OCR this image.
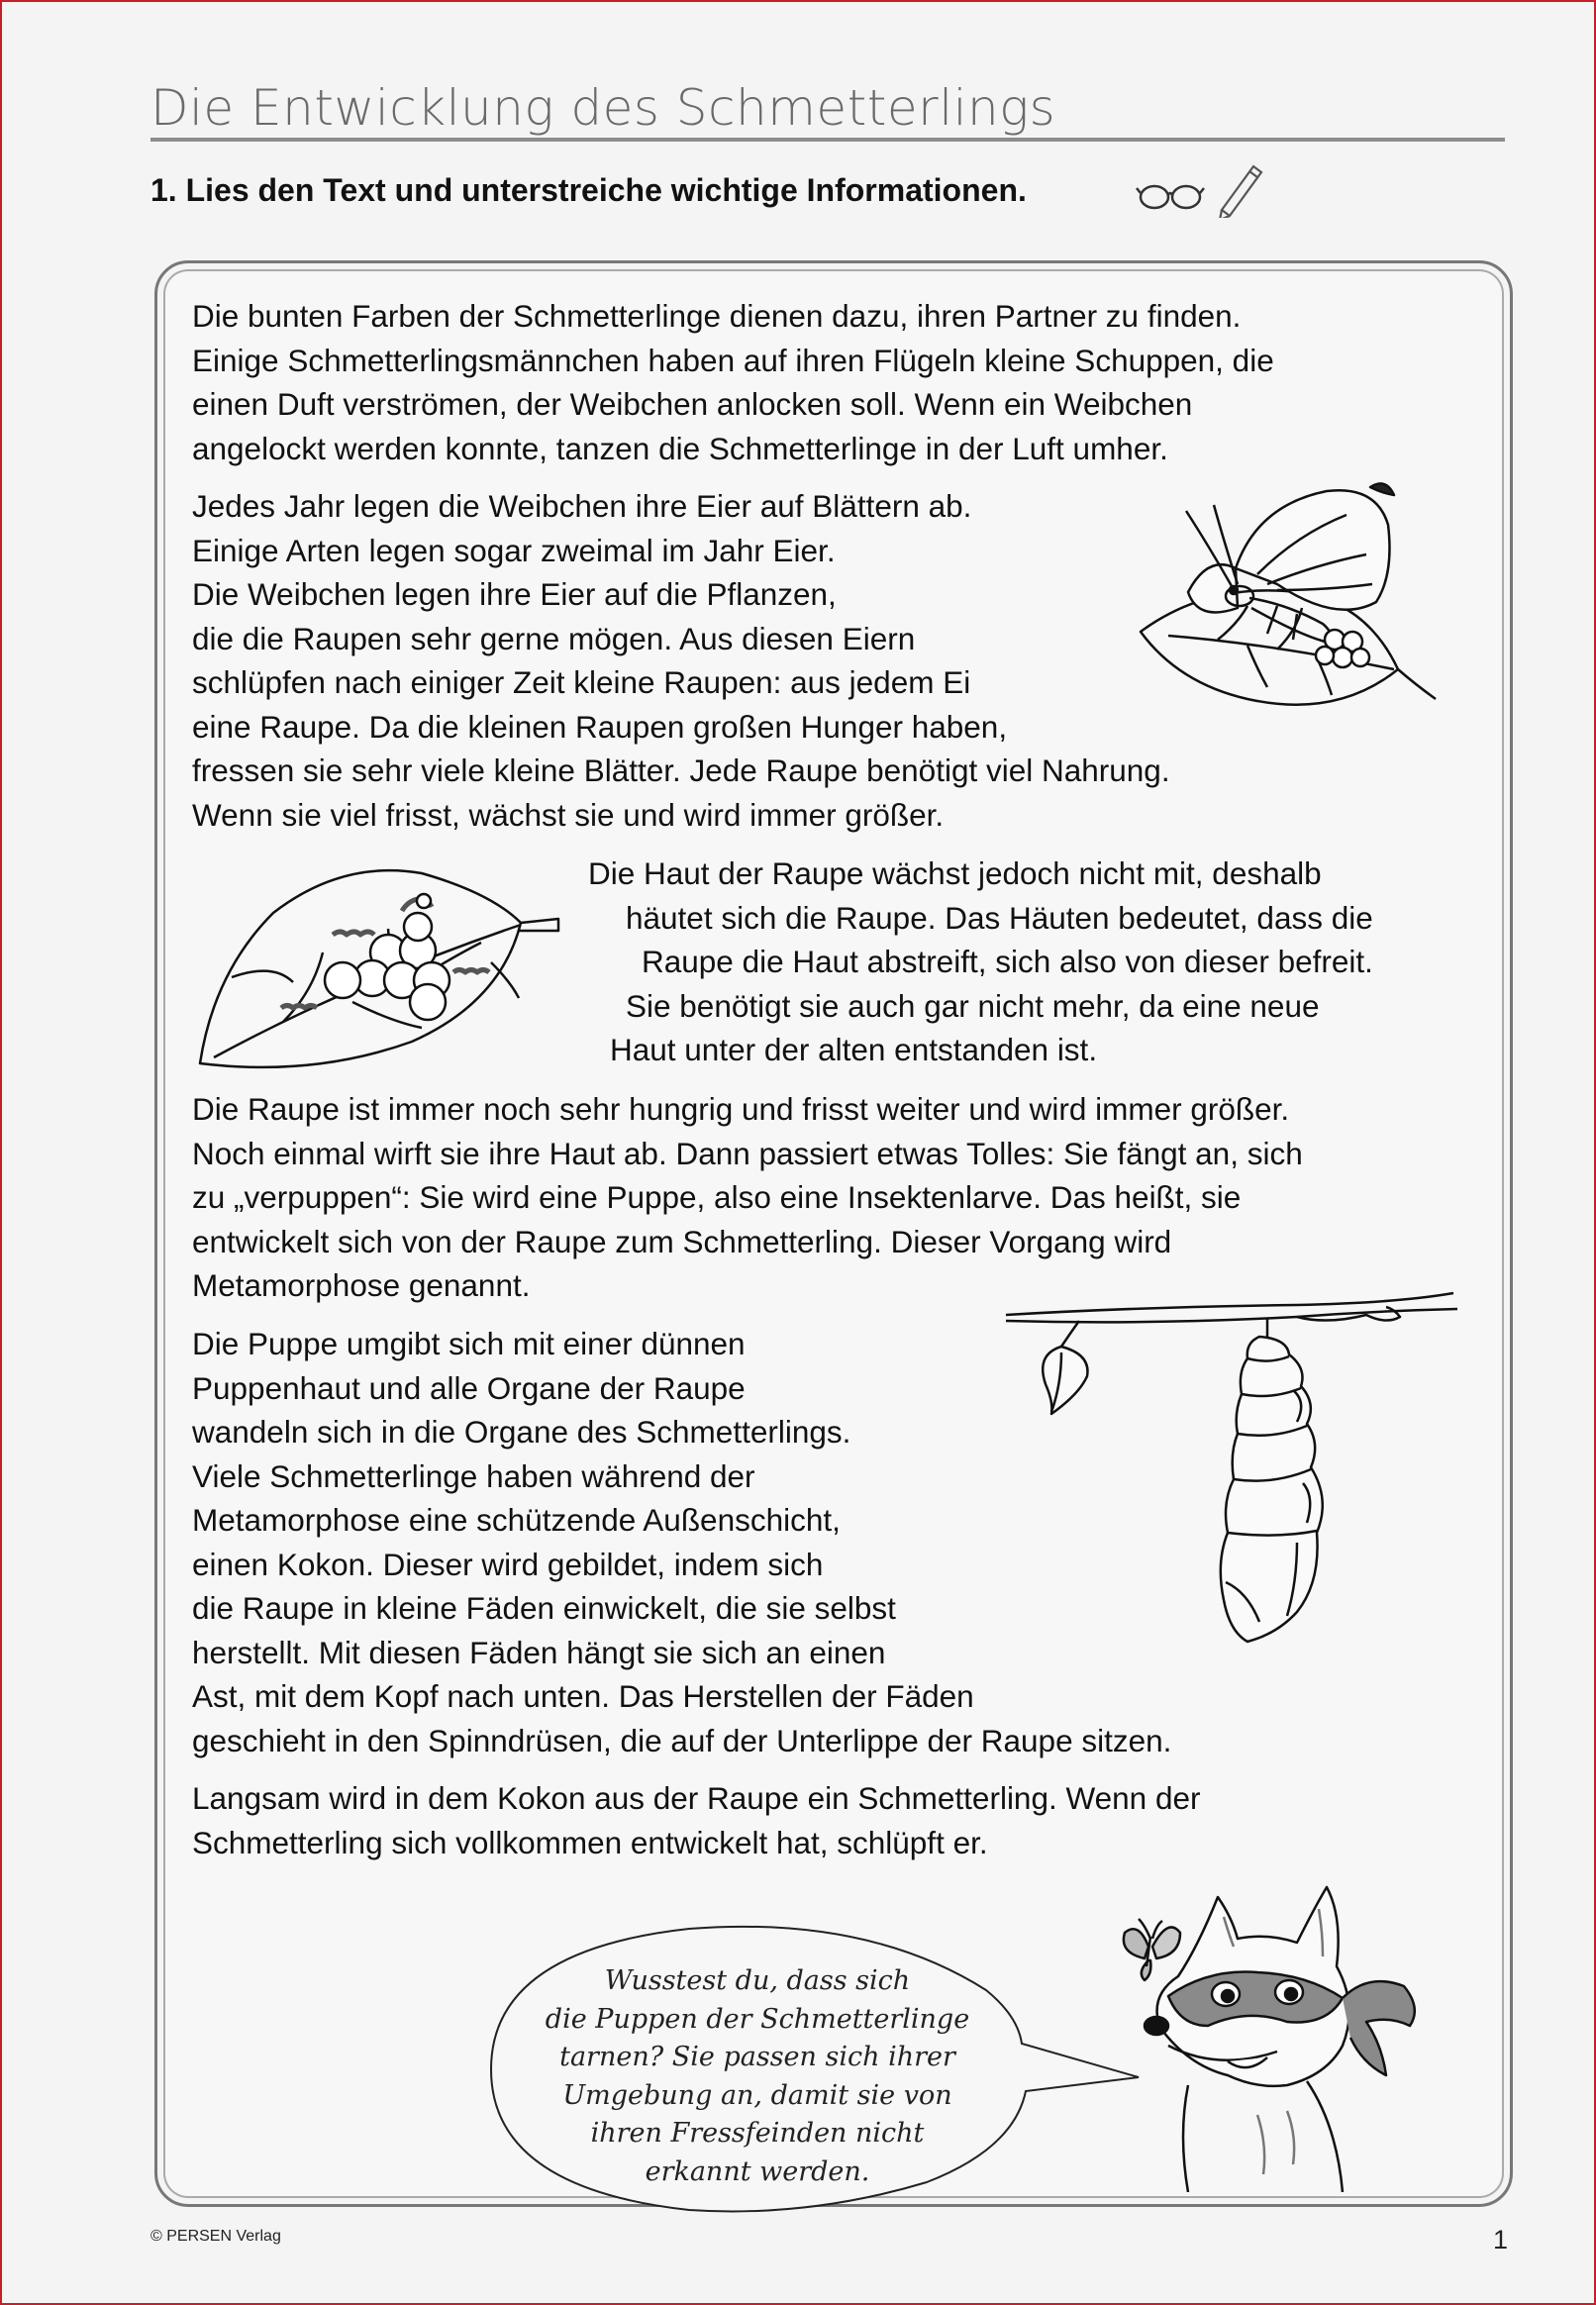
Die Entwicklung des Schmetterlings
1. Lies den Text und unterstreiche wichtige Informationen.

Die bunten Farben der Schmetterlinge dienen dazu, ihren Partner zu finden.
Einige Schmetterlingsmännchen haben auf ihren Flügeln kleine Schuppen, die
einen Duft verströmen, der Weibchen anlocken soll. Wenn ein Weibchen
angelockt werden konnte, tanzen die Schmetterlinge in der Luft umher.

Jedes Jahr legen die Weibchen ihre Eier auf Blättern ab.
Einige Arten legen sogar zweimal im Jahr Eier.
Die Weibchen legen ihre Eier auf die Pflanzen,
die die Raupen sehr gerne mögen. Aus diesen Eiern
schlüpfen nach einiger Zeit kleine Raupen: aus jedem Ei
eine Raupe. Da die kleinen Raupen großen Hunger haben,
fressen sie sehr viele kleine Blätter. Jede Raupe benötigt viel Nahrung.
Wenn sie viel frisst, wächst sie und wird immer größer.

Die Haut der Raupe wächst jedoch nicht mit, deshalb
häutet sich die Raupe. Das Häuten bedeutet, dass die
Raupe die Haut abstreift, sich also von dieser befreit.
Sie benötigt sie auch gar nicht mehr, da eine neue
Haut unter der alten entstanden ist.

Die Raupe ist immer noch sehr hungrig und frisst weiter und wird immer größer.
Noch einmal wirft sie ihre Haut ab. Dann passiert etwas Tolles: Sie fängt an, sich
zu „verpuppen“: Sie wird eine Puppe, also eine Insektenlarve. Das heißt, sie
entwickelt sich von der Raupe zum Schmetterling. Dieser Vorgang wird
Metamorphose genannt.

Die Puppe umgibt sich mit einer dünnen
Puppenhaut und alle Organe der Raupe
wandeln sich in die Organe des Schmetterlings.
Viele Schmetterlinge haben während der
Metamorphose eine schützende Außenschicht,
einen Kokon. Dieser wird gebildet, indem sich
die Raupe in kleine Fäden einwickelt, die sie selbst
herstellt. Mit diesen Fäden hängt sie sich an einen
Ast, mit dem Kopf nach unten. Das Herstellen der Fäden
geschieht in den Spinndrüsen, die auf der Unterlippe der Raupe sitzen.

Langsam wird in dem Kokon aus der Raupe ein Schmetterling. Wenn der
Schmetterling sich vollkommen entwickelt hat, schlüpft er.

Wusstest du, dass sich
die Puppen der Schmetterlinge
tarnen? Sie passen sich ihrer
Umgebung an, damit sie von
ihren Fressfeinden nicht
erkannt werden.
© PERSEN Verlag	1
